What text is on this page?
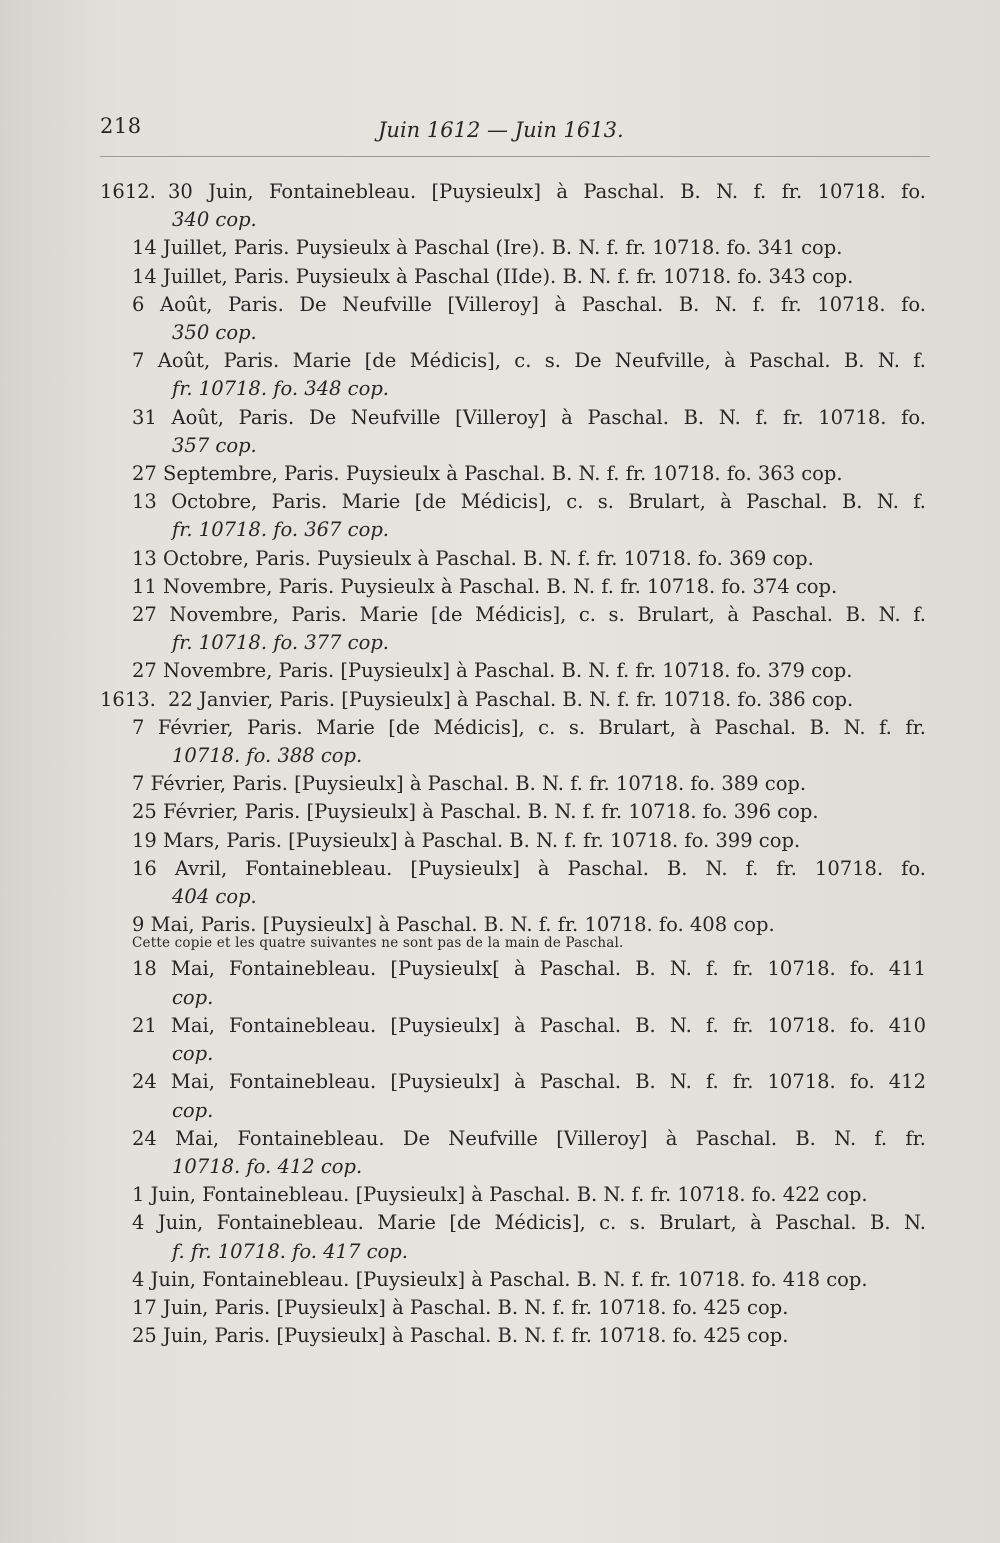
218	Juin 1612 — Juin 1613.
1612. 30 Juin, Fontainebleau. [Puysieulx] à Paschal. B. N. f. fr. 10718. fo.
340 cop.
14 Juillet, Paris. Puysieulx à Paschal (Ire). B. N. f. fr. 10718. fo. 341 cop.
14 Juillet, Paris. Puysieulx à Paschal (IIde). B. N. f. fr. 10718. fo. 343 cop.
6 Août, Paris. De Neufville [Villeroy] à Paschal. B. N. f. fr. 10718. fo.
350 cop.
7 Août, Paris. Marie [de Médicis], c. s. De Neufville, à Paschal. B. N. f.
fr. 10718. fo. 348 cop.
31 Août, Paris. De Neufville [Villeroy] à Paschal. B. N. f. fr. 10718. fo.
357 cop.
27 Septembre, Paris. Puysieulx à Paschal. B. N. f. fr. 10718. fo. 363 cop.
13 Octobre, Paris. Marie [de Médicis], c. s. Brulart, à Paschal. B. N. f.
fr. 10718. fo. 367 cop.
13 Octobre, Paris. Puysieulx à Paschal. B. N. f. fr. 10718. fo. 369 cop.
11 Novembre, Paris. Puysieulx à Paschal. B. N. f. fr. 10718. fo. 374 cop.
27 Novembre, Paris. Marie [de Médicis], c. s. Brulart, à Paschal. B. N. f.
fr. 10718. fo. 377 cop.
27 Novembre, Paris. [Puysieulx] à Paschal. B. N. f. fr. 10718. fo. 379 cop.
1613. 22 Janvier, Paris. [Puysieulx] à Paschal. B. N. f. fr. 10718. fo. 386 cop.
7 Février, Paris. Marie [de Médicis], c. s. Brulart, à Paschal. B. N. f. fr.
10718. fo. 388 cop.
7 Février, Paris. [Puysieulx] à Paschal. B. N. f. fr. 10718. fo. 389 cop.
25 Février, Paris. [Puysieulx] à Paschal. B. N. f. fr. 10718. fo. 396 cop.
19 Mars, Paris. [Puysieulx] à Paschal. B. N. f. fr. 10718. fo. 399 cop.
16 Avril, Fontainebleau. [Puysieulx] à Paschal. B. N. f. fr. 10718. fo.
404 cop.
9 Mai, Paris. [Puysieulx] à Paschal. B. N. f. fr. 10718. fo. 408 cop.
Cette copie et les quatre suivantes ne sont pas de la main de Paschal.
18 Mai, Fontainebleau. [Puysieulx[ à Paschal. B. N. f. fr. 10718. fo. 411
cop.
21 Mai, Fontainebleau. [Puysieulx] à Paschal. B. N. f. fr. 10718. fo. 410
cop.
24 Mai, Fontainebleau. [Puysieulx] à Paschal. B. N. f. fr. 10718. fo. 412
cop.
24 Mai, Fontainebleau. De Neufville [Villeroy] à Paschal. B. N. f. fr.
10718. fo. 412 cop.
1 Juin, Fontainebleau. [Puysieulx] à Paschal. B. N. f. fr. 10718. fo. 422 cop.
4 Juin, Fontainebleau. Marie [de Médicis], c. s. Brulart, à Paschal. B. N.
f. fr. 10718. fo. 417 cop.
4 Juin, Fontainebleau. [Puysieulx] à Paschal. B. N. f. fr. 10718. fo. 418 cop.
17 Juin, Paris. [Puysieulx] à Paschal. B. N. f. fr. 10718. fo. 425 cop.
25 Juin, Paris. [Puysieulx] à Paschal. B. N. f. fr. 10718. fo. 425 cop.
